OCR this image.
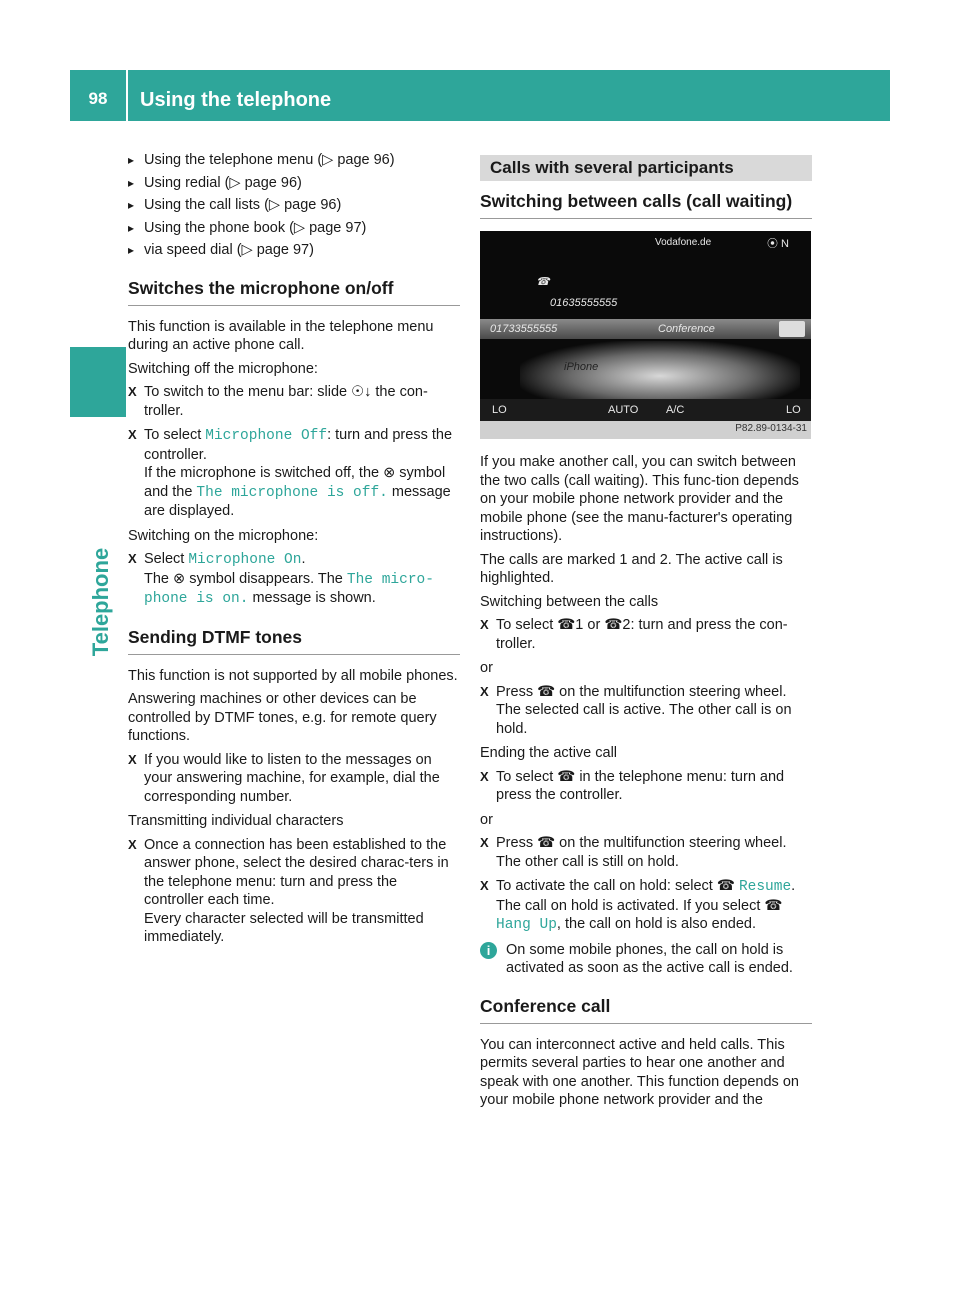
98	Using the telephone
Telephone
▸ Using the telephone menu (▷ page 96)
▸ Using redial (▷ page 96)
▸ Using the call lists (▷ page 96)
▸ Using the phone book (▷ page 97)
▸ via speed dial (▷ page 97)
Switches the microphone on/off

This function is available in the telephone menu during an active phone call.

Switching off the microphone:

X To switch to the menu bar: slide ☉↓ the con-troller.
X To select Microphone Off: turn and press the controller.
If the microphone is switched off, the ⊗ symbol and the The microphone is off. message are displayed.

Switching on the microphone:

X Select Microphone On.
The ⊗ symbol disappears. The The micro-phone is on. message is shown.
Sending DTMF tones

This function is not supported by all mobile phones.

Answering machines or other devices can be controlled by DTMF tones, e.g. for remote query functions.

X If you would like to listen to the messages on your answering machine, for example, dial the corresponding number.

Transmitting individual characters

X Once a connection has been established to the answer phone, select the desired charac-ters in the telephone menu: turn and press the controller each time.
Every character selected will be transmitted immediately.
Calls with several participants
Switching between calls (call waiting)
Vodafone.de	⦿ N
☎
01635555555
01733555555	Conference
iPhone
LO	AUTO	A/C	LO
P82.89-0134-31

If you make another call, you can switch between the two calls (call waiting). This func-tion depends on your mobile phone network provider and the mobile phone (see the manu-facturer's operating instructions).

The calls are marked 1 and 2. The active call is highlighted.

Switching between the calls

X To select ☎1 or ☎2: turn and press the con-troller.

or

X Press ☎ on the multifunction steering wheel.
The selected call is active. The other call is on hold.

Ending the active call

X To select ☎ in the telephone menu: turn and press the controller.

or

X Press ☎ on the multifunction steering wheel.
The other call is still on hold.
X To activate the call on hold: select ☎ Resume.
The call on hold is activated. If you select ☎ Hang Up, the call on hold is also ended.
i	On some mobile phones, the call on hold is activated as soon as the active call is ended.
Conference call

You can interconnect active and held calls. This permits several parties to hear one another and speak with one another. This function depends on your mobile phone network provider and the
